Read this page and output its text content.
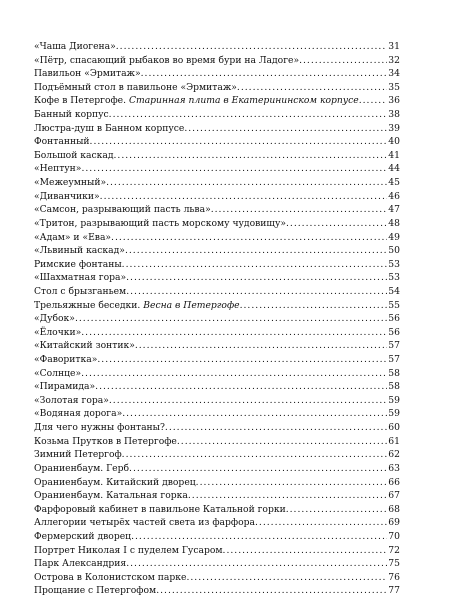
«Чаша Диогена» .....	31
«Пётр, спасающий рыбаков во время бури на Ладоге» .....	32
Павильон «Эрмитаж» .....	34
Подъёмный стол в павильоне «Эрмитаж» .....	35
Кофе в Петергофе. Старинная плита в Екатерининском корпусе .....	36
Банный корпус .....	38
Люстра-душ в Банном корпусе .....	39
Фонтанный .....	40
Большой каскад .....	41
«Нептун» .....	44
«Межеумный» .....	45
«Диванчики» .....	46
«Самсон, разрывающий пасть льва» .....	47
«Тритон, разрывающий пасть морскому чудовищу» .....	48
«Адам» и «Ева» .....	49
«Львиный каскад» .....	50
Римские фонтаны .....	53
«Шахматная гора» .....	53
Стол с брызганьем .....	54
Трельяжные беседки. Весна в Петергофе .....	55
«Дубок» .....	56
«Ёлочки» .....	56
«Китайский зонтик» .....	57
«Фаворитка» .....	57
«Солнце» .....	58
«Пирамида» .....	58
«Золотая гора» .....	59
«Водяная дорога» .....	59
Для чего нужны фонтаны? .....	60
Козьма Прутков в Петергофе .....	61
Зимний Петергоф .....	62
Ораниенбаум. Герб .....	63
Ораниенбаум. Китайский дворец .....	66
Ораниенбаум. Катальная горка .....	67
Фарфоровый кабинет в павильоне Катальной горки .....	68
Аллегории четырёх частей света из фарфора .....	69
Фермерский дворец .....	70
Портрет Николая I с пуделем Гусаром .....	72
Парк Александрия .....	75
Острова в Колонистском парке .....	76
Прощание с Петергофом .....	77
